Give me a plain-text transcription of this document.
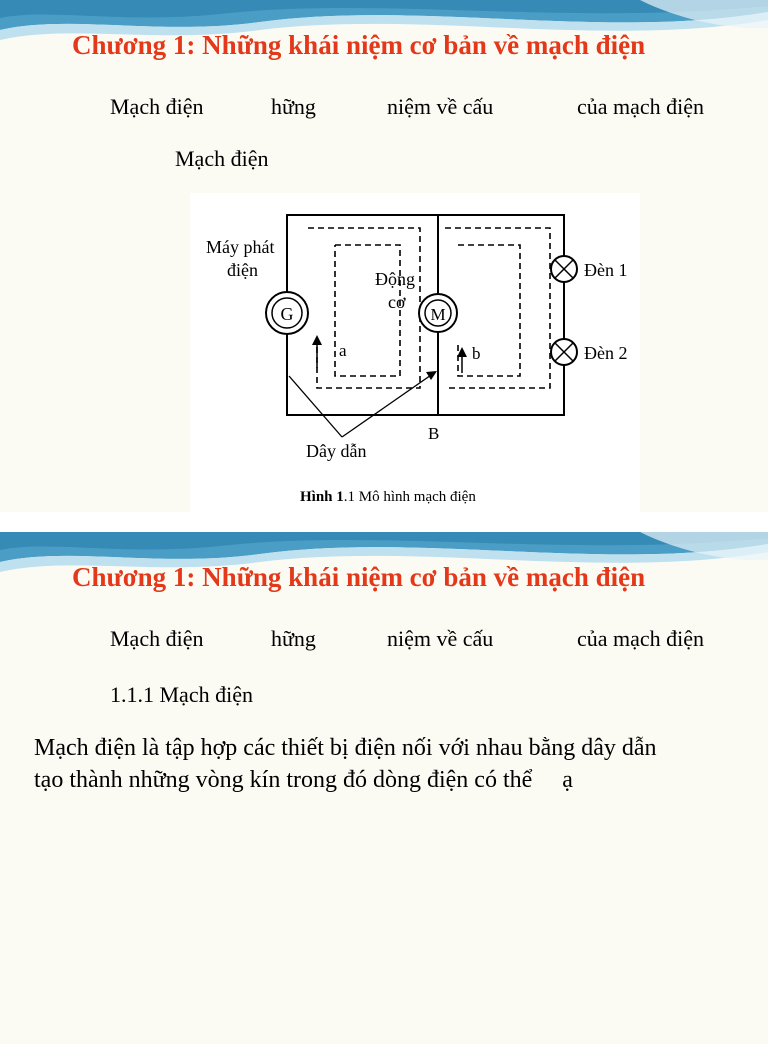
Chương 1: Những khái niệm cơ bản về mạch điện

Mạch điện	hững	niệm về cấu	của mạch điện

Mạch điện

G	M
Máy phát
điện	Động
cơ
a	b
B
Dây dẫn
Đèn 1
Đèn 2
Hình 1.1 Mô hình mạch điện
Chương 1: Những khái niệm cơ bản về mạch điện

Mạch điện	hững	niệm về cấu	của mạch điện

1.1.1 Mạch điện

Mạch điện là tập hợp các thiết bị điện nối với nhau bằng dây dẫn
tạo thành những vòng kín trong đó dòng điện có thể     ạ
